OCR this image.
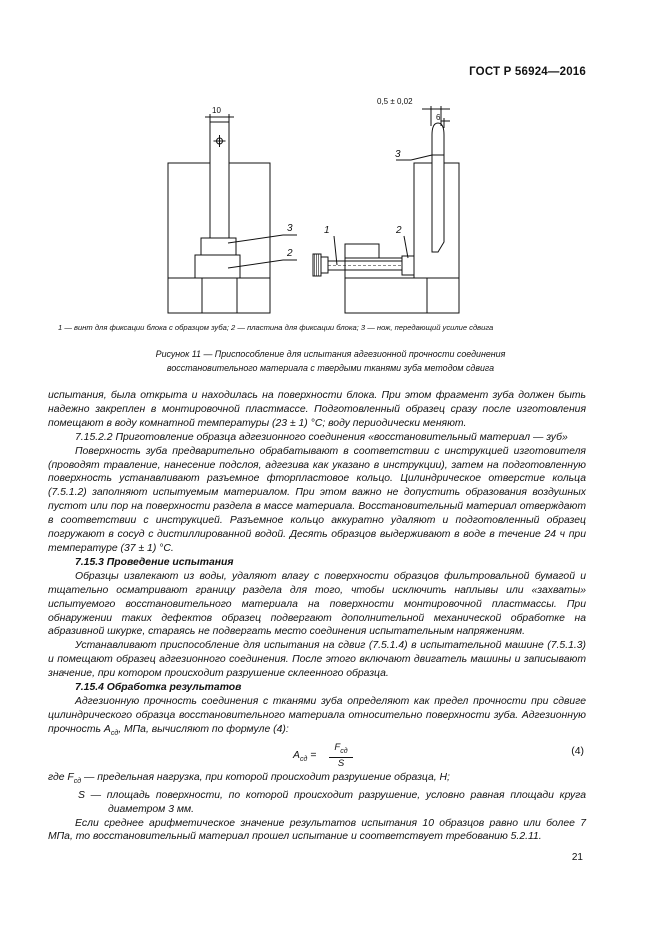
ГОСТ Р 56924—2016
10
3
2
0,5 ± 0,02
6
3
1	2
1 — винт для фиксации блока с образцом зуба; 2 — пластина для фиксации блока; 3 — нож, передающий усилие сдвига
Рисунок 11 — Приспособление для испытания адгезионной прочности соединения
восстановительного материала с твердыми тканями зуба методом сдвига

испытания, была открыта и находилась на поверхности блока. При этом фрагмент зуба должен быть надежно закреплен в монтировочной пластмассе. Подготовленный образец сразу после изготовления помещают в воду комнатной температуры (23 ± 1) °С; воду периодически меняют.

7.15.2.2 Приготовление образца адгезионного соединения «восстановительный материал — зуб»

Поверхность зуба предварительно обрабатывают в соответствии с инструкцией изготовителя (проводят травление, нанесение подслоя, адгезива как указано в инструкции), затем на подготовленную поверхность устанавливают разъемное фторпластовое кольцо. Цилиндрическое отверстие кольца (7.5.1.2) заполняют испытуемым материалом. При этом важно не допустить образования воздушных пустот или пор на поверхности раздела в массе материала. Восстановительный материал отверждают в соответствии с инструкцией. Разъемное кольцо аккуратно удаляют и подготовленный образец погружают в сосуд с дистиллированной водой. Десять образцов выдерживают в воде в течение 24 ч при температуре (37 ± 1) °С.

7.15.3 Проведение испытания

Образцы извлекают из воды, удаляют влагу с поверхности образцов фильтровальной бумагой и тщательно осматривают границу раздела для того, чтобы исключить наплывы или «захваты» испытуемого восстановительного материала на поверхности монтировочной пластмассы. При обнаружении таких дефектов образец подвергают дополнительной механической обработке на абразивной шкурке, стараясь не подвергать место соединения испытательным напряжениям.

Устанавливают приспособление для испытания на сдвиг (7.5.1.4) в испытательной машине (7.5.1.3) и помещают образец адгезионного соединения. После этого включают двигатель машины и записывают значение, при котором происходит разрушение склеенного образца.

7.15.4 Обработка результатов

Адгезионную прочность соединения с тканями зуба определяют как предел прочности при сдвиге цилиндрического образца восстановительного материала относительно поверхности зуба. Адгезионную прочность $A_{сд}$, МПа, вычисляют по формуле (4):

$A_{сд}$ =
$F_{сд}$
S
(4)

где $F_{сд}$ — предельная нагрузка, при которой происходит разрушение образца, Н;

S — площадь поверхности, по которой происходит разрушение, условно равная площади круга диаметром 3 мм.

Если среднее арифметическое значение результатов испытания 10 образцов равно или более 7 МПа, то восстановительный материал прошел испытание и соответствует требованию 5.2.11.

21
